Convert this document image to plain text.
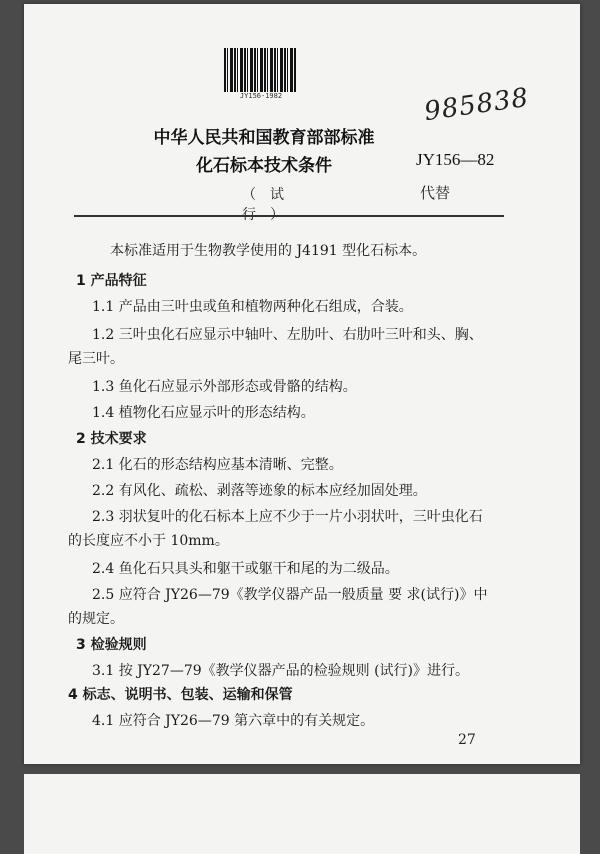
JY156-1982	985838
中华人民共和国教育部部标准
化石标本技术条件
（试 行）
JY156—82
代替
本标准适用于生物教学使用的 J4191 型化石标本。
1 产品特征
1.1 产品由三叶虫或鱼和植物两种化石组成，合装。
1.2 三叶虫化石应显示中轴叶、左肋叶、右肋叶三叶和头、胸、
尾三叶。
1.3 鱼化石应显示外部形态或骨骼的结构。
1.4 植物化石应显示叶的形态结构。
2 技术要求
2.1 化石的形态结构应基本清晰、完整。
2.2 有风化、疏松、剥落等迹象的标本应经加固处理。
2.3 羽状复叶的化石标本上应不少于一片小羽状叶，三叶虫化石
的长度应不小于 10mm。
2.4 鱼化石只具头和躯干或躯干和尾的为二级品。
2.5 应符合 JY26—79《教学仪器产品一般质量 要 求(试行)》中
的规定。
3 检验规则
3.1 按 JY27—79《教学仪器产品的检验规则 (试行)》进行。
4 标志、说明书、包装、运输和保管
4.1 应符合 JY26—79 第六章中的有关规定。
27
